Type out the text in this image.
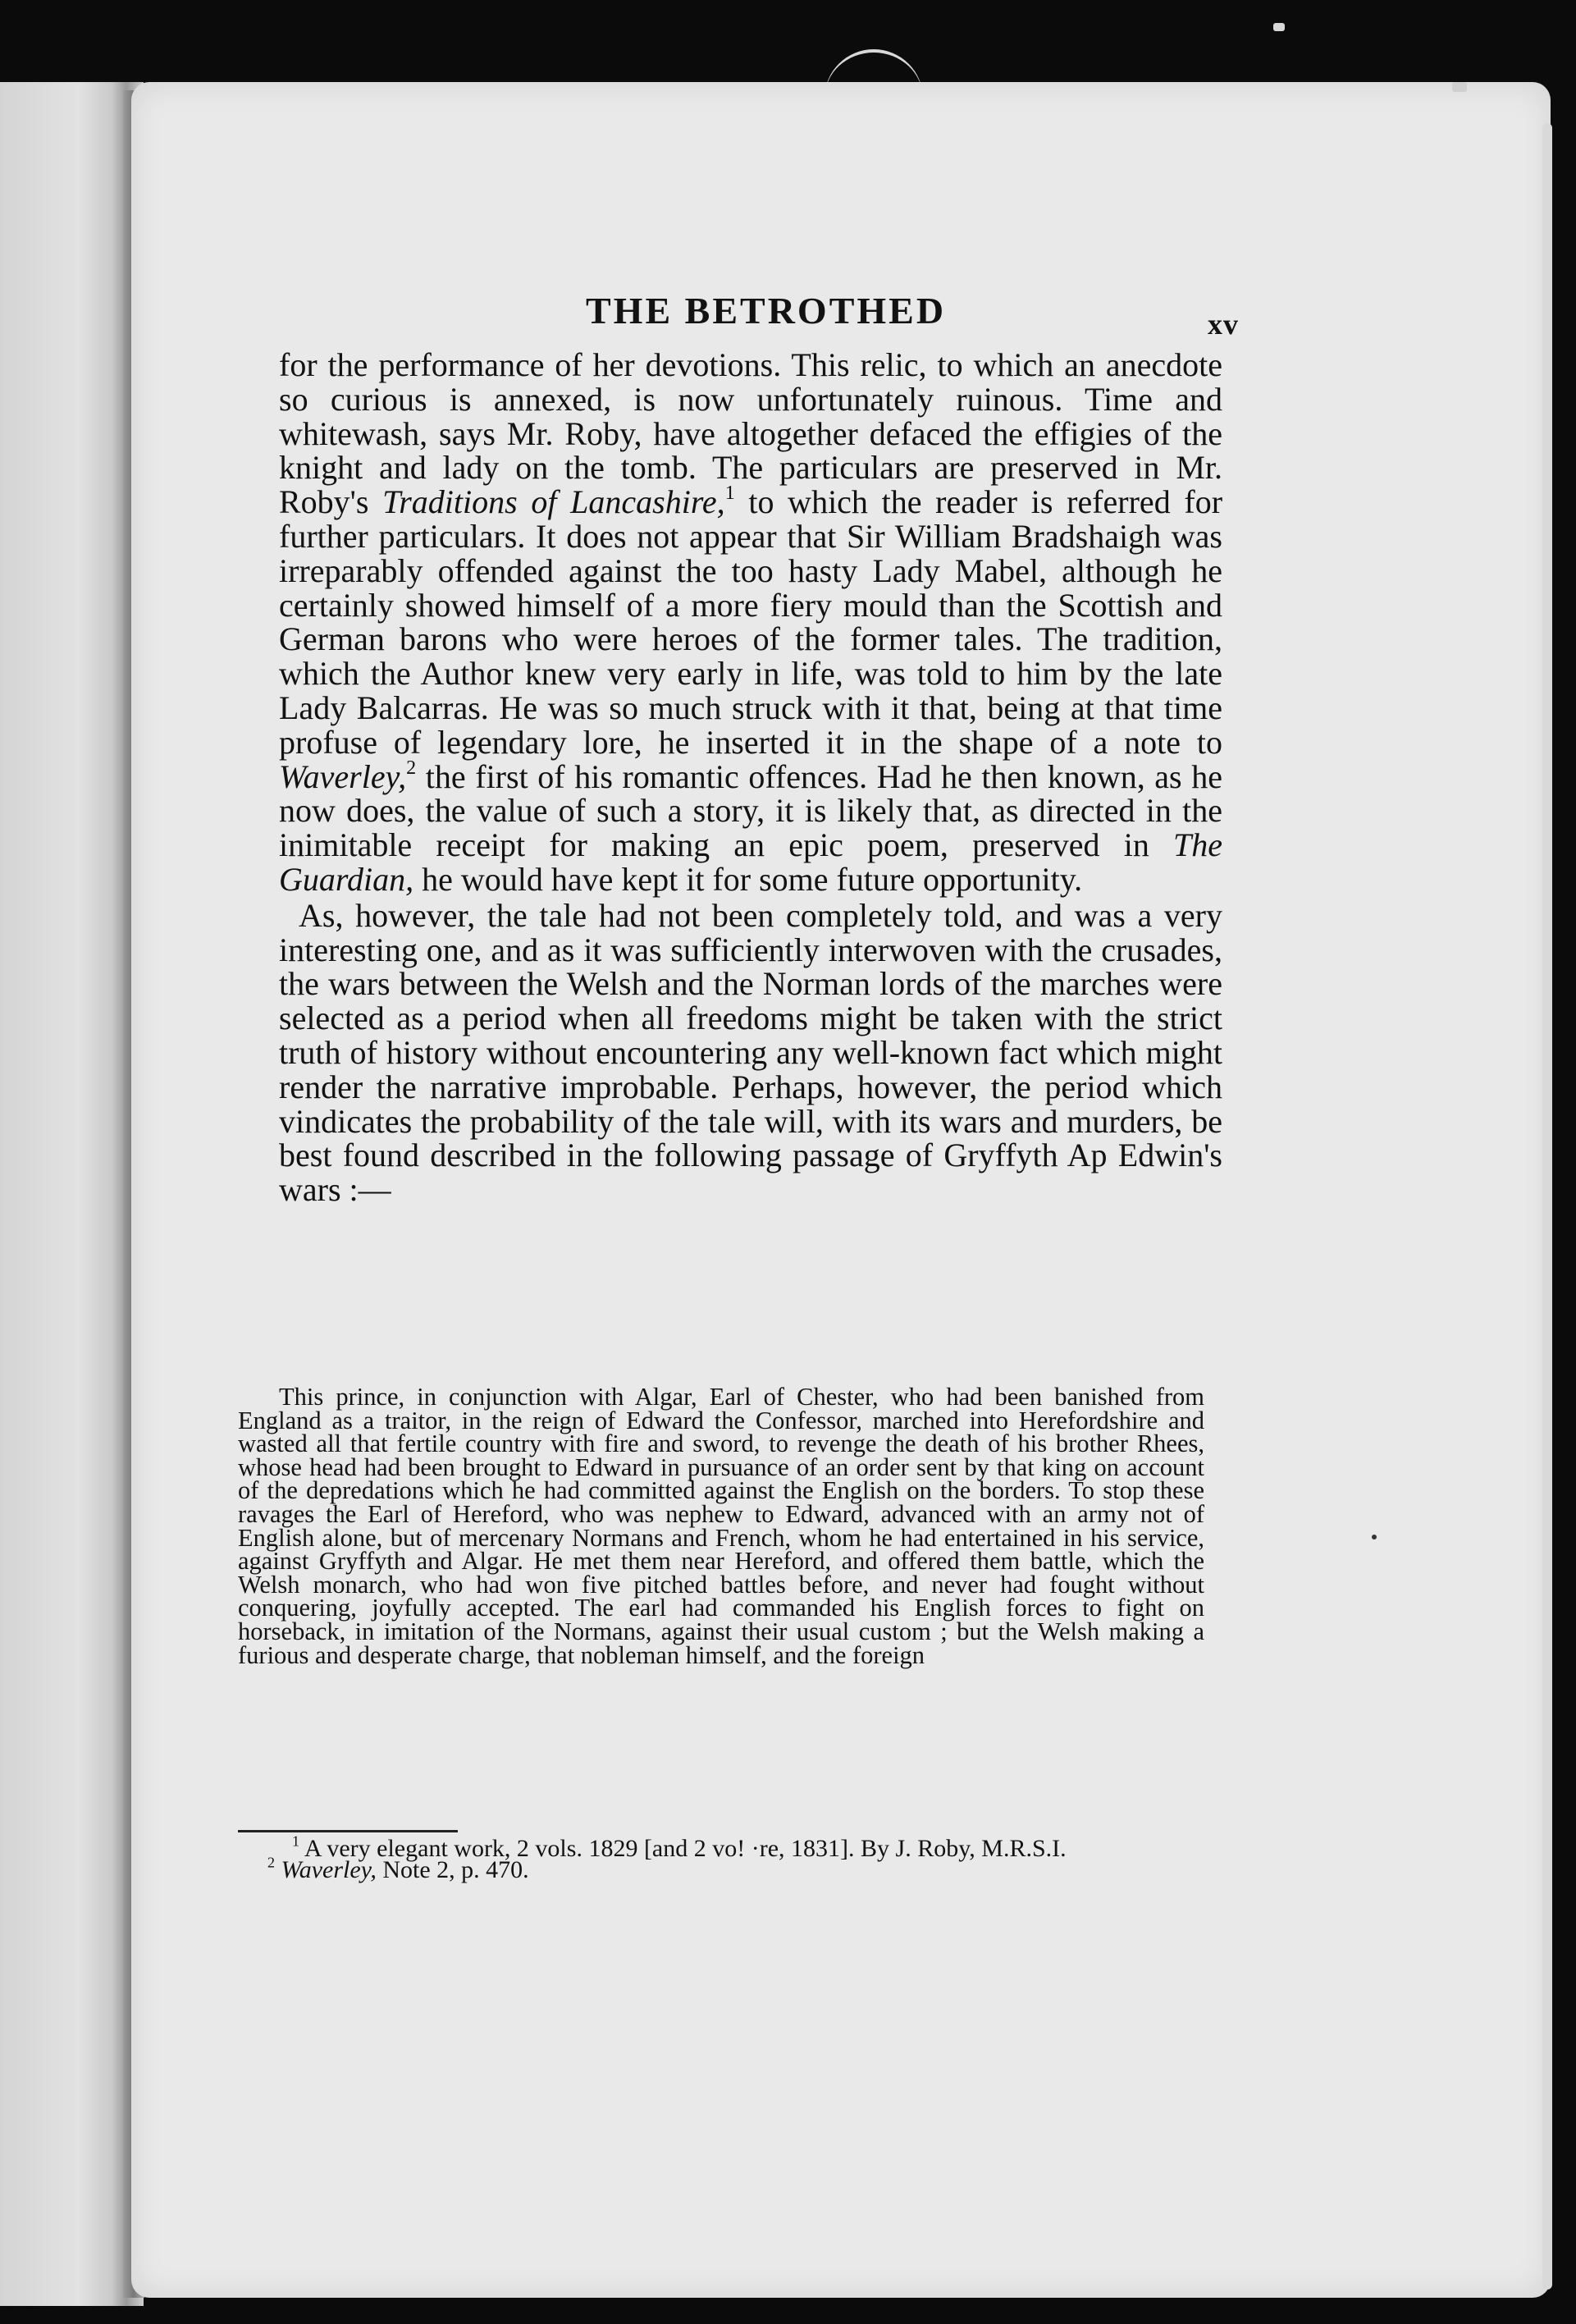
THE BETROTHED	xv

for the performance of her devotions. This relic, to which an anecdote so curious is annexed, is now unfortunately ruinous. Time and whitewash, says Mr. Roby, have altogether defaced the effigies of the knight and lady on the tomb. The particulars are preserved in Mr. Roby's Traditions of Lancashire,$^1$ to which the reader is referred for further particulars. It does not appear that Sir William Bradshaigh was irreparably offended against the too hasty Lady Mabel, although he certainly showed himself of a more fiery mould than the Scottish and German barons who were heroes of the former tales. The tradition, which the Author knew very early in life, was told to him by the late Lady Balcarras. He was so much struck with it that, being at that time profuse of legendary lore, he inserted it in the shape of a note to Waverley,$^2$ the first of his romantic offences. Had he then known, as he now does, the value of such a story, it is likely that, as directed in the inimitable receipt for making an epic poem, preserved in The Guardian, he would have kept it for some future opportunity.

As, however, the tale had not been completely told, and was a very interesting one, and as it was sufficiently interwoven with the crusades, the wars between the Welsh and the Norman lords of the marches were selected as a period when all freedoms might be taken with the strict truth of history without encountering any well-known fact which might render the narrative improbable. Perhaps, however, the period which vindicates the probability of the tale will, with its wars and murders, be best found described in the following passage of Gryffyth Ap Edwin's wars :—

This prince, in conjunction with Algar, Earl of Chester, who had been banished from England as a traitor, in the reign of Edward the Confessor, marched into Herefordshire and wasted all that fertile country with fire and sword, to revenge the death of his brother Rhees, whose head had been brought to Edward in pursuance of an order sent by that king on account of the depredations which he had committed against the English on the borders. To stop these ravages the Earl of Hereford, who was nephew to Edward, advanced with an army not of English alone, but of mercenary Normans and French, whom he had entertained in his service, against Gryffyth and Algar. He met them near Hereford, and offered them battle, which the Welsh monarch, who had won five pitched battles before, and never had fought without conquering, joyfully accepted. The earl had commanded his English forces to fight on horseback, in imitation of the Normans, against their usual custom ; but the Welsh making a furious and desperate charge, that nobleman himself, and the foreign

$^1$ A very elegant work, 2 vols. 1829 [and 2 vo! ·re, 1831]. By J. Roby, M.R.S.I.
$^2$ Waverley, Note 2, p. 470.
